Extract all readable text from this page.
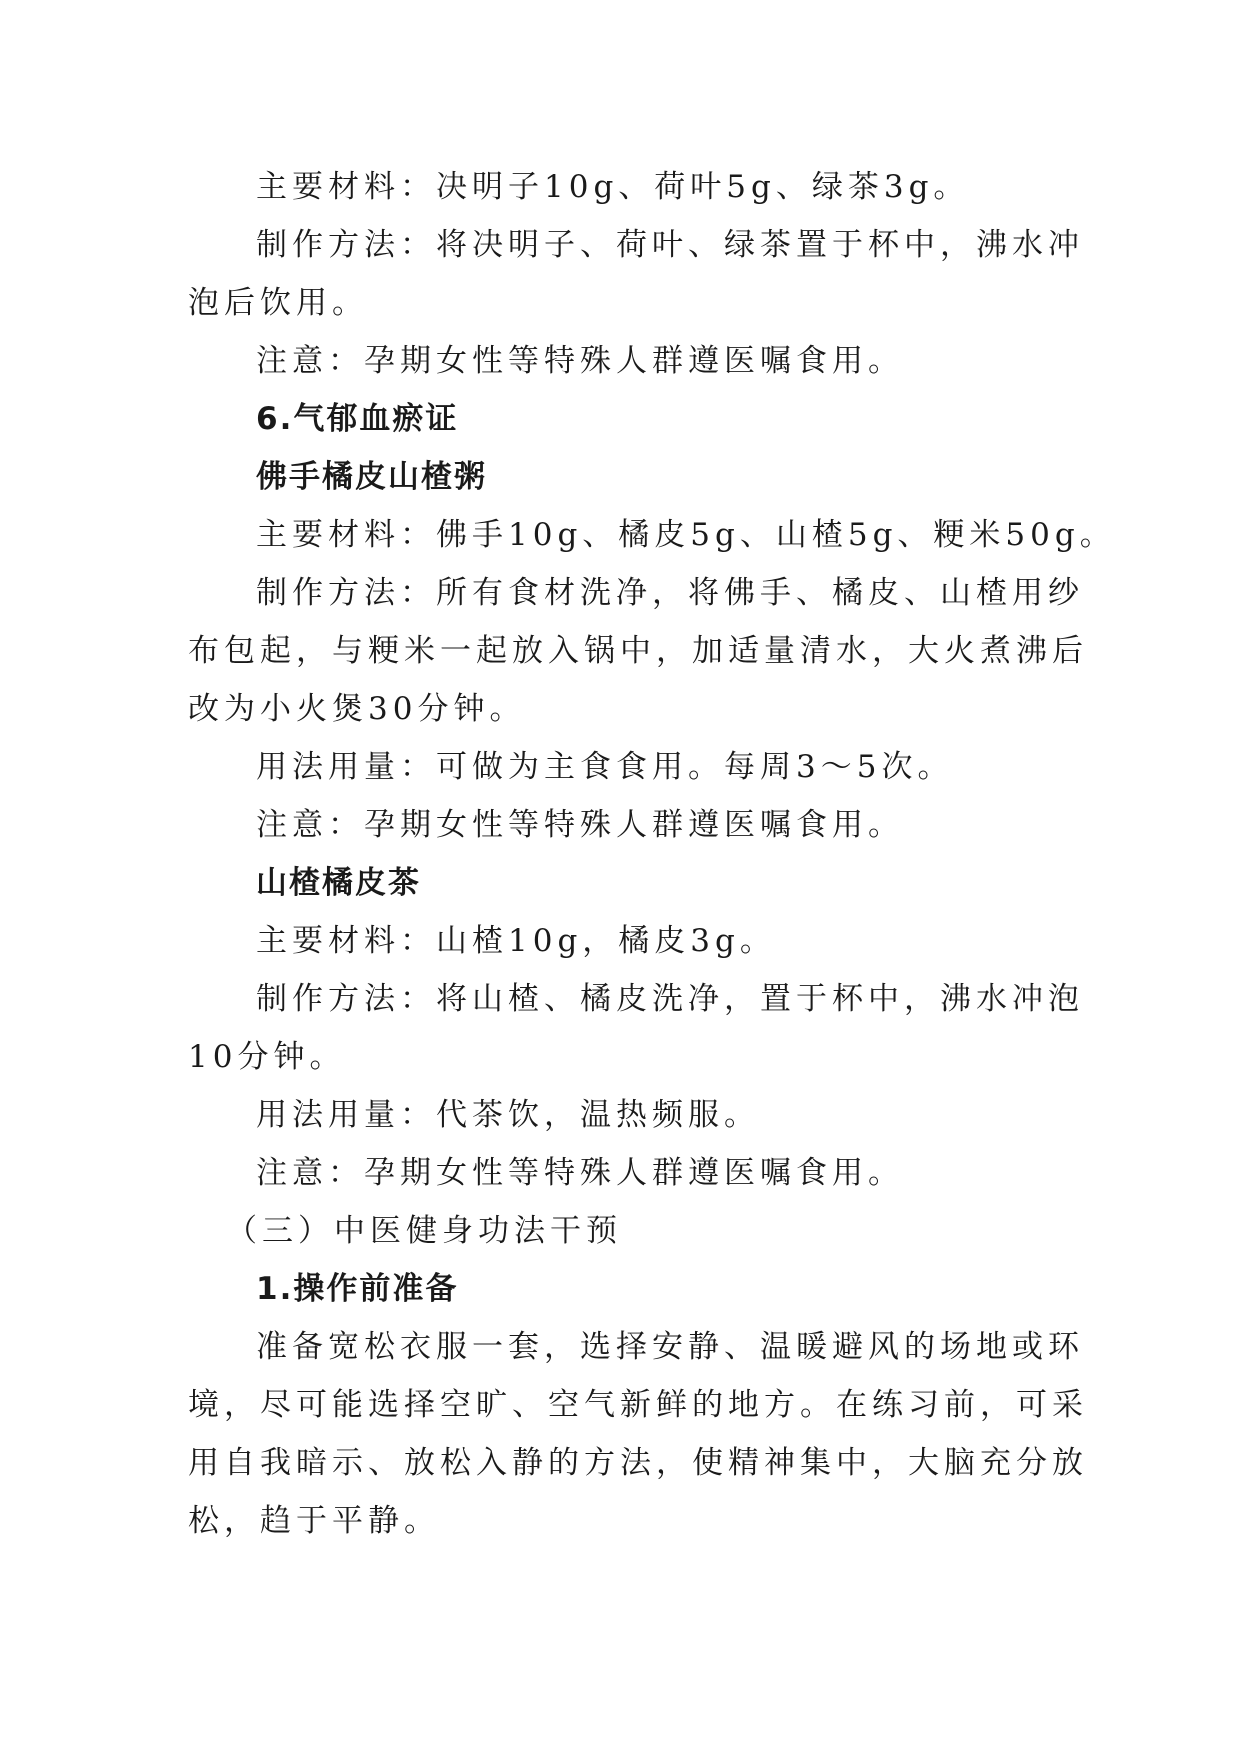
主要材料：决明子10g、荷叶5g、绿茶3g。
制作方法：将决明子、荷叶、绿茶置于杯中，沸水冲
泡后饮用。
注意：孕期女性等特殊人群遵医嘱食用。
6.气郁血瘀证
佛手橘皮山楂粥
主要材料：佛手10g、橘皮5g、山楂5g、粳米50g。
制作方法：所有食材洗净，将佛手、橘皮、山楂用纱
布包起，与粳米一起放入锅中，加适量清水，大火煮沸后
改为小火煲30分钟。
用法用量：可做为主食食用。每周3～5次。
注意：孕期女性等特殊人群遵医嘱食用。
山楂橘皮茶
主要材料：山楂10g，橘皮3g。
制作方法：将山楂、橘皮洗净，置于杯中，沸水冲泡
10分钟。
用法用量：代茶饮，温热频服。
注意：孕期女性等特殊人群遵医嘱食用。
（三）中医健身功法干预
1.操作前准备
准备宽松衣服一套，选择安静、温暖避风的场地或环
境，尽可能选择空旷、空气新鲜的地方。在练习前，可采
用自我暗示、放松入静的方法，使精神集中，大脑充分放
松，趋于平静。
